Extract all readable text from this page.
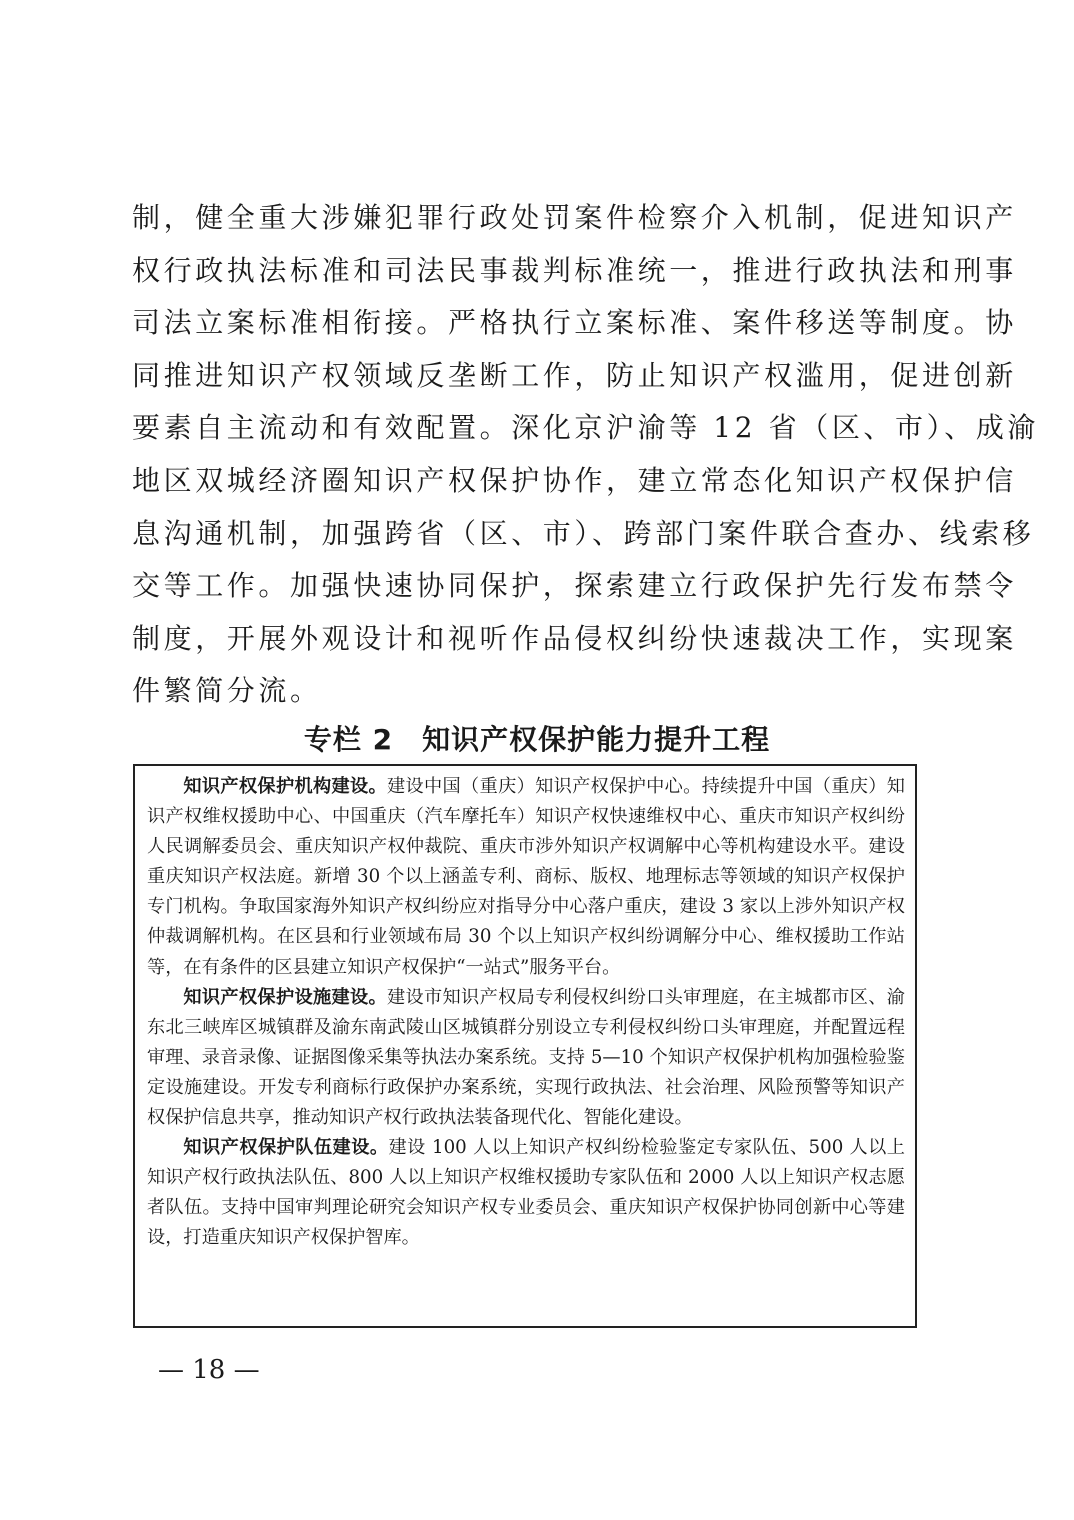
制，健全重大涉嫌犯罪行政处罚案件检察介入机制，促进知识产
权行政执法标准和司法民事裁判标准统一，推进行政执法和刑事
司法立案标准相衔接。严格执行立案标准、案件移送等制度。协
同推进知识产权领域反垄断工作，防止知识产权滥用，促进创新
要素自主流动和有效配置。深化京沪渝等 12 省（区、市）、成渝
地区双城经济圈知识产权保护协作，建立常态化知识产权保护信
息沟通机制，加强跨省（区、市）、跨部门案件联合查办、线索移
交等工作。加强快速协同保护，探索建立行政保护先行发布禁令
制度，开展外观设计和视听作品侵权纠纷快速裁决工作，实现案
件繁简分流。
专栏 2　知识产权保护能力提升工程

知识产权保护机构建设。建设中国（重庆）知识产权保护中心。持续提升中国（重庆）知识产权维权援助中心、中国重庆（汽车摩托车）知识产权快速维权中心、重庆市知识产权纠纷人民调解委员会、重庆知识产权仲裁院、重庆市涉外知识产权调解中心等机构建设水平。建设重庆知识产权法庭。新增 30 个以上涵盖专利、商标、版权、地理标志等领域的知识产权保护专门机构。争取国家海外知识产权纠纷应对指导分中心落户重庆，建设 3 家以上涉外知识产权仲裁调解机构。在区县和行业领域布局 30 个以上知识产权纠纷调解分中心、维权援助工作站等，在有条件的区县建立知识产权保护“一站式”服务平台。

知识产权保护设施建设。建设市知识产权局专利侵权纠纷口头审理庭，在主城都市区、渝东北三峡库区城镇群及渝东南武陵山区城镇群分别设立专利侵权纠纷口头审理庭，并配置远程审理、录音录像、证据图像采集等执法办案系统。支持 5—10 个知识产权保护机构加强检验鉴定设施建设。开发专利商标行政保护办案系统，实现行政执法、社会治理、风险预警等知识产权保护信息共享，推动知识产权行政执法装备现代化、智能化建设。

知识产权保护队伍建设。建设 100 人以上知识产权纠纷检验鉴定专家队伍、500 人以上知识产权行政执法队伍、800 人以上知识产权维权援助专家队伍和 2000 人以上知识产权志愿者队伍。支持中国审判理论研究会知识产权专业委员会、重庆知识产权保护协同创新中心等建设，打造重庆知识产权保护智库。

— 18 —
